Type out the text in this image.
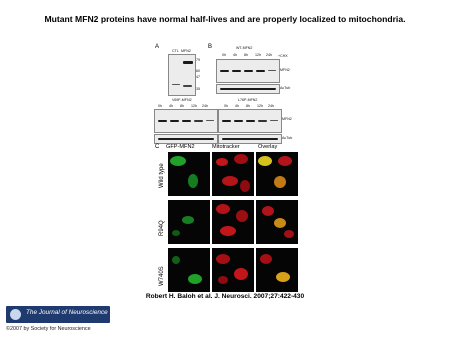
Mutant MFN2 proteins have normal half-lives and are properly localized to mitochondria.
A
CTL MFN2
79
60
47
35
B	WT-MFN2
+CHX
0h 4h 8h 12h 24h
MFN2
AcTub
V69F-MFN2	L76P-MFN2
0h 4h 8h 12h 24h	0h 4h 8h 12h 24h
MFN2
AcTub
C GFP-MFN2	Mitotracker	Overlay
Wild type
R94Q
W740S
Robert H. Baloh et al. J. Neurosci. 2007;27:422-430
The Journal of Neuroscience
©2007 by Society for Neuroscience
